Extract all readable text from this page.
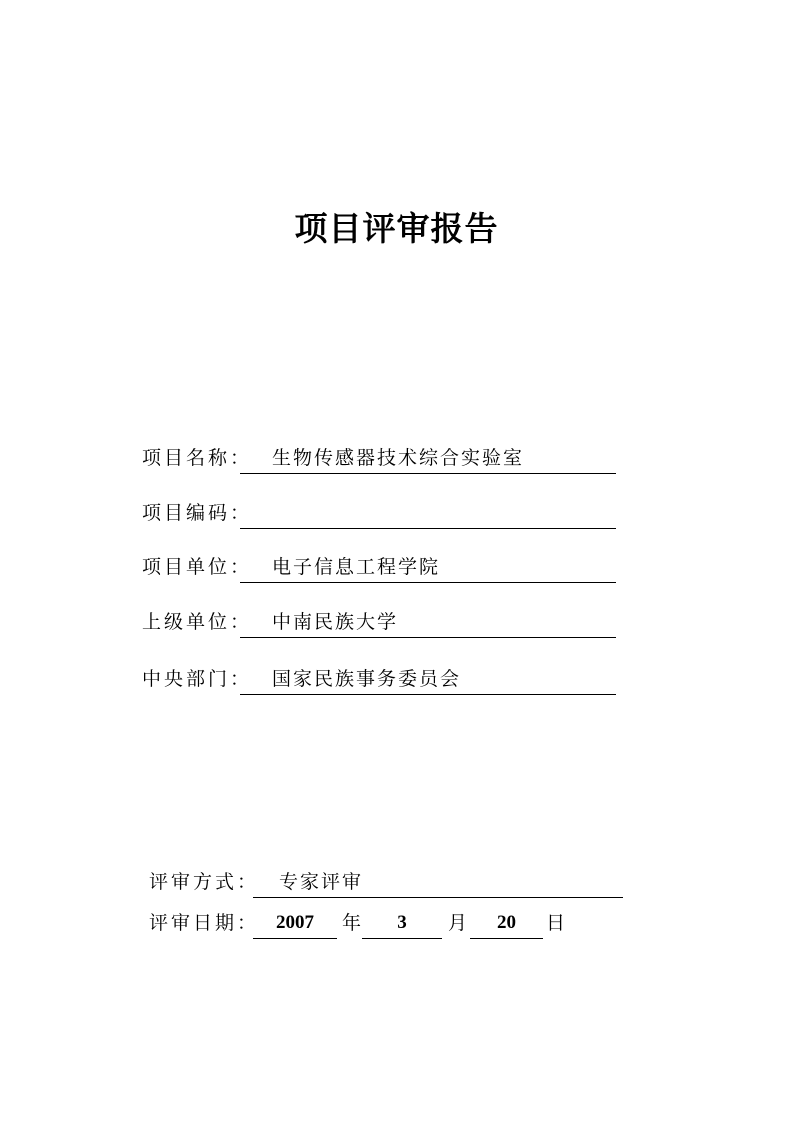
项目评审报告
项目名称： 生物传感器技术综合实验室
项目编码：
项目单位： 电子信息工程学院
上级单位： 中南民族大学
中央部门： 国家民族事务委员会
评审方式： 专家评审
评审日期： 2007	年	3	月	20	日
